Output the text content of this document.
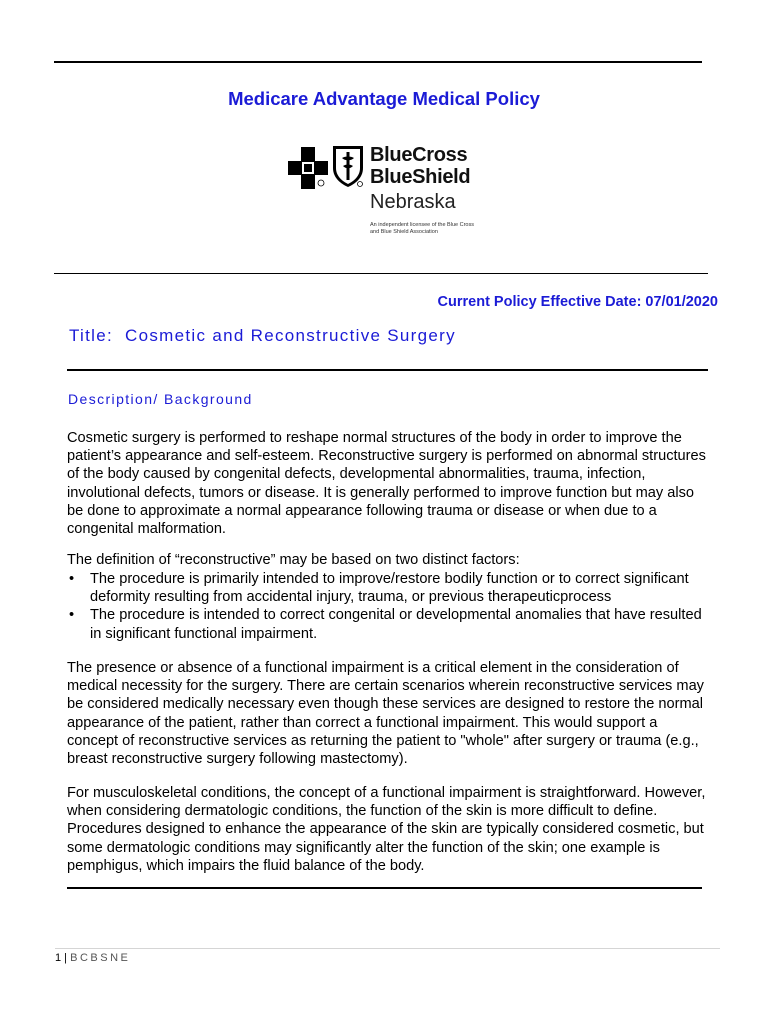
Medicare Advantage Medical Policy
BlueCross
BlueShield
Nebraska
An independent licensee of the Blue Cross and Blue Shield Association
Current Policy Effective Date: 07/01/2020
Title:  Cosmetic and Reconstructive Surgery
Description/ Background

Cosmetic surgery is performed to reshape normal structures of the body in order to improve the patient’s appearance and self-esteem. Reconstructive surgery is performed on abnormal structures of the body caused by congenital defects, developmental abnormalities, trauma, infection, involutional defects, tumors or disease. It is generally performed to improve function but may also be done to approximate a normal appearance following trauma or disease or when due to a congenital malformation.

The definition of “reconstructive” may be based on two distinct factors:

• The procedure is primarily intended to improve/restore bodily function or to correct significant deformity resulting from accidental injury, trauma, or previous therapeuticprocess
• The procedure is intended to correct congenital or developmental anomalies that have resulted in significant functional impairment.

The presence or absence of a functional impairment is a critical element in the consideration of medical necessity for the surgery. There are certain scenarios wherein reconstructive services may be considered medically necessary even though these services are designed to restore the normal appearance of the patient, rather than correct a functional impairment. This would support a concept of reconstructive services as returning the patient to "whole" after surgery or trauma (e.g., breast reconstructive surgery following mastectomy).

For musculoskeletal conditions, the concept of a functional impairment is straightforward. However, when considering dermatologic conditions, the function of the skin is more difficult to define. Procedures designed to enhance the appearance of the skin are typically considered cosmetic, but some dermatologic conditions may significantly alter the function of the skin; one example is pemphigus, which impairs the fluid balance of the body.

1 | BCBSNE
